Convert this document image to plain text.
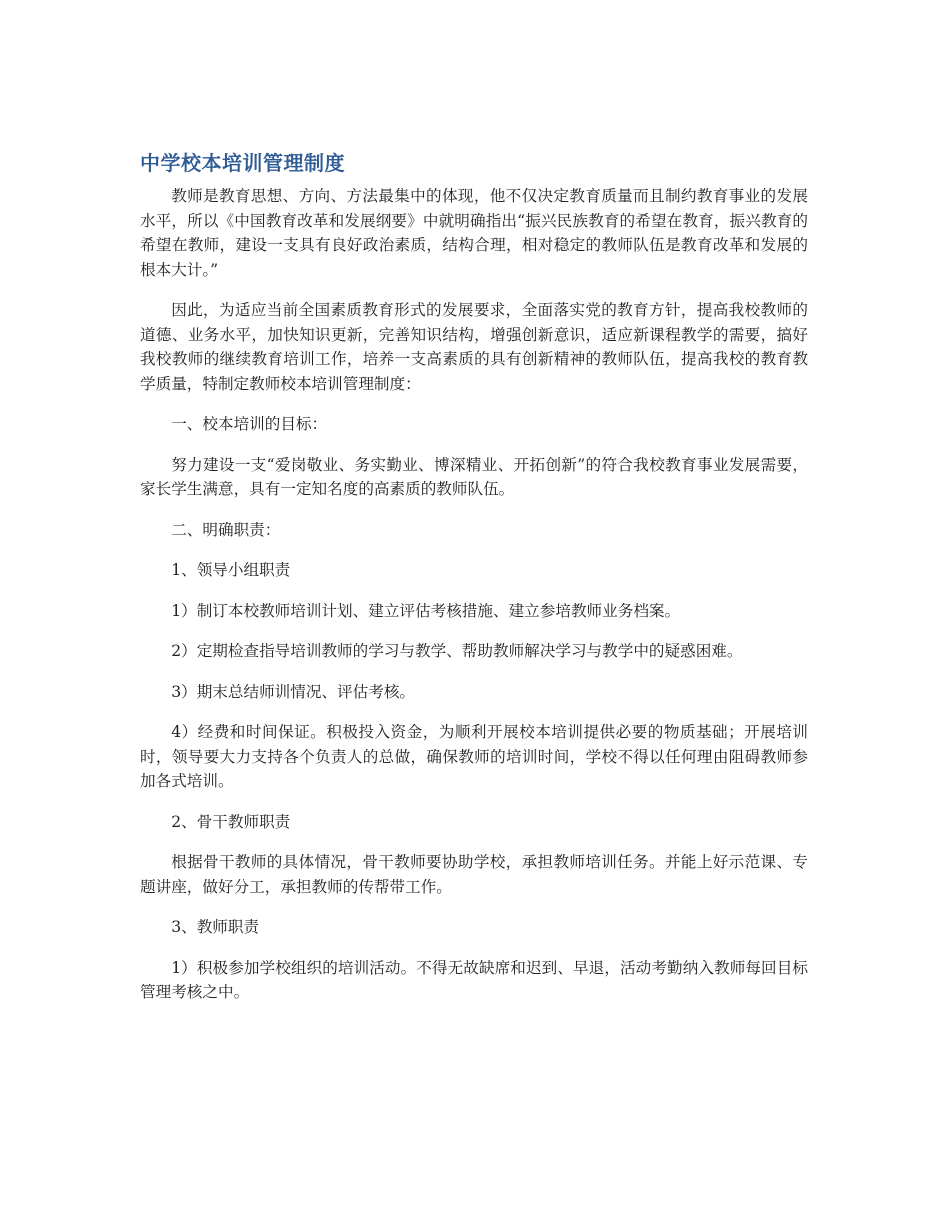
中学校本培训管理制度

教师是教育思想、方向、方法最集中的体现，他不仅决定教育质量而且制约教育事业的发展水平，所以《中国教育改革和发展纲要》中就明确指出“振兴民族教育的希望在教育，振兴教育的希望在教师，建设一支具有良好政治素质，结构合理，相对稳定的教师队伍是教育改革和发展的根本大计。”

因此，为适应当前全国素质教育形式的发展要求，全面落实党的教育方针，提高我校教师的道德、业务水平，加快知识更新，完善知识结构，增强创新意识，适应新课程教学的需要，搞好我校教师的继续教育培训工作，培养一支高素质的具有创新精神的教师队伍，提高我校的教育教学质量，特制定教师校本培训管理制度：

一、校本培训的目标：

努力建设一支“爱岗敬业、务实勤业、博深精业、开拓创新”的符合我校教育事业发展需要，家长学生满意，具有一定知名度的高素质的教师队伍。

二、明确职责：

1、领导小组职责

1）制订本校教师培训计划、建立评估考核措施、建立参培教师业务档案。

2）定期检查指导培训教师的学习与教学、帮助教师解决学习与教学中的疑惑困难。

3）期末总结师训情况、评估考核。

4）经费和时间保证。积极投入资金，为顺利开展校本培训提供必要的物质基础；开展培训时，领导要大力支持各个负责人的总做，确保教师的培训时间，学校不得以任何理由阻碍教师参加各式培训。

2、骨干教师职责

根据骨干教师的具体情况，骨干教师要协助学校，承担教师培训任务。并能上好示范课、专题讲座，做好分工，承担教师的传帮带工作。

3、教师职责

1）积极参加学校组织的培训活动。不得无故缺席和迟到、早退，活动考勤纳入教师每回目标管理考核之中。
